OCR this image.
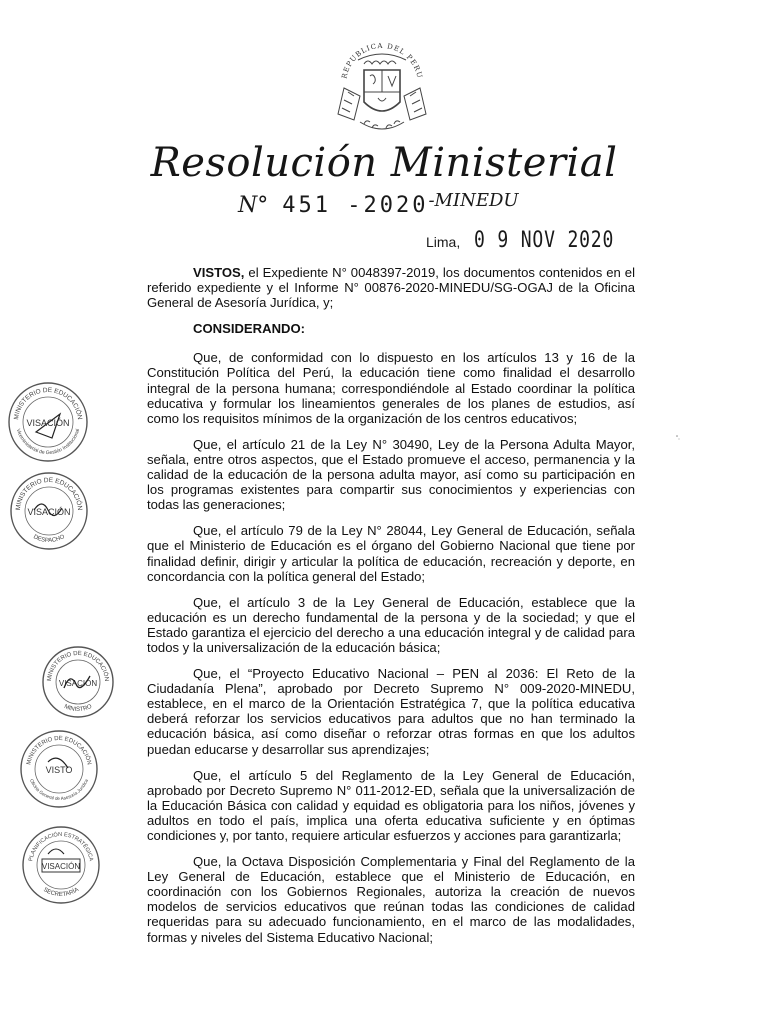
REPUBLICA DEL PERU
Resolución Ministerial
N° 451 $-2020^{-MINEDU}$
Lima, 0 9 NOV 2020

VISTOS, el Expediente N° 0048397-2019, los documentos contenidos en el referido expediente y el Informe N° 00876-2020-MINEDU/SG-OGAJ de la Oficina General de Asesoría Jurídica, y;

CONSIDERANDO:

Que, de conformidad con lo dispuesto en los artículos 13 y 16 de la Constitución Política del Perú, la educación tiene como finalidad el desarrollo integral de la persona humana; correspondiéndole al Estado coordinar la política educativa y formular los lineamientos generales de los planes de estudios, así como los requisitos mínimos de la organización de los centros educativos;

Que, el artículo 21 de la Ley N° 30490, Ley de la Persona Adulta Mayor, señala, entre otros aspectos, que el Estado promueve el acceso, permanencia y la calidad de la educación de la persona adulta mayor, así como su participación en los programas existentes para compartir sus conocimientos y experiencias con todas las generaciones;

Que, el artículo 79 de la Ley N° 28044, Ley General de Educación, señala que el Ministerio de Educación es el órgano del Gobierno Nacional que tiene por finalidad definir, dirigir y articular la política de educación, recreación y deporte, en concordancia con la política general del Estado;

Que, el artículo 3 de la Ley General de Educación, establece que la educación es un derecho fundamental de la persona y de la sociedad; y que el Estado garantiza el ejercicio del derecho a una educación integral y de calidad para todos y la universalización de la educación básica;

Que, el “Proyecto Educativo Nacional – PEN al 2036: El Reto de la Ciudadanía Plena”, aprobado por Decreto Supremo N° 009-2020-MINEDU, establece, en el marco de la Orientación Estratégica 7, que la política educativa deberá reforzar los servicios educativos para adultos que no han terminado la educación básica, así como diseñar o reforzar otras formas en que los adultos puedan educarse y desarrollar sus aprendizajes;

Que, el artículo 5 del Reglamento de la Ley General de Educación, aprobado por Decreto Supremo N° 011-2012-ED, señala que la universalización de la Educación Básica con calidad y equidad es obligatoria para los niños, jóvenes y adultos en todo el país, implica una oferta educativa suficiente y en óptimas condiciones y, por tanto, requiere articular esfuerzos y acciones para garantizarla;

Que, la Octava Disposición Complementaria y Final del Reglamento de la Ley General de Educación, establece que el Ministerio de Educación, en coordinación con los Gobiernos Regionales, autoriza la creación de nuevos modelos de servicios educativos que reúnan todas las condiciones de calidad requeridas para su adecuado funcionamiento, en el marco de las modalidades, formas y niveles del Sistema Educativo Nacional;

MINISTERIO DE EDUCACIÓN
Viceministerial de Gestión Institucional
VISACIÓN
MINISTERIO DE EDUCACIÓN
DESPACHO
VISACIÓN
MINISTERIO DE EDUCACIÓN
MINISTRO
VISACIÓN
MINISTERIO DE EDUCACIÓN
Oficina General de Asesoría Jurídica
VISTO
PLANIFICACIÓN ESTRATÉGICA
SECRETARÍA
VISACIÓN
